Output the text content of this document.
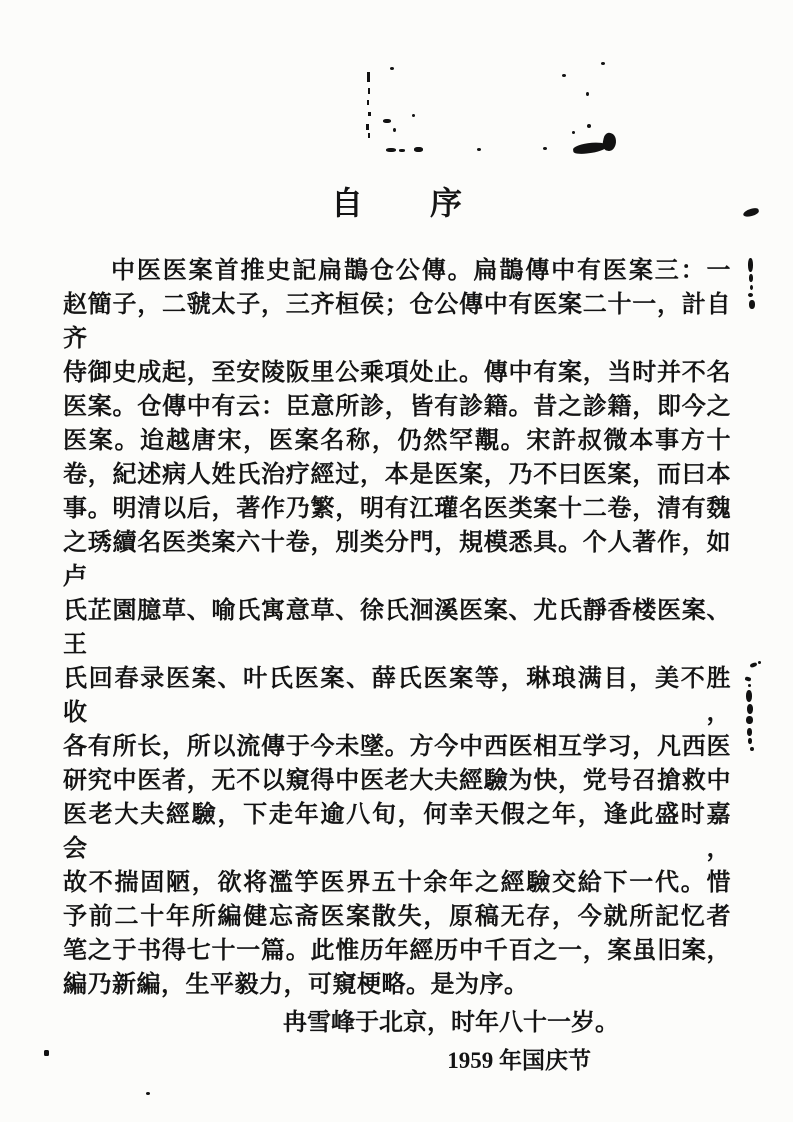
自　　序

中医医案首推史記扁鵲仓公傳。扁鵲傳中有医案三：一

赵簡子，二虢太子，三齐桓侯；仓公傳中有医案二十一，計自齐

侍御史成起，至安陵阪里公乘項处止。傳中有案，当时并不名

医案。仓傳中有云：臣意所診，皆有診籍。昔之診籍，即今之

医案。迨越唐宋，医案名称，仍然罕覯。宋許叔微本事方十

卷，紀述病人姓氏治疗經过，本是医案，乃不曰医案，而曰本

事。明清以后，著作乃繁，明有江瓘名医类案十二卷，清有魏

之琇續名医类案六十卷，別类分門，規模悉具。个人著作，如卢

氏芷園臆草、喻氏寓意草、徐氏洄溪医案、尤氏靜香楼医案、王

氏回春录医案、叶氏医案、薛氏医案等，琳琅满目，美不胜收，

各有所长，所以流傳于今未墜。方今中西医相互学习，凡西医

研究中医者，无不以窺得中医老大夫經驗为快，党号召搶救中

医老大夫經驗，下走年逾八旬，何幸天假之年，逢此盛时嘉会，

故不揣固陋，欲将濫竽医界五十余年之經驗交給下一代。惜

予前二十年所編健忘斋医案散失，原稿无存，今就所記忆者

笔之于书得七十一篇。此惟历年經历中千百之一，案虽旧案，

編乃新編，生平毅力，可窺梗略。是为序。

冉雪峰于北京，时年八十一岁。

1959 年国庆节
